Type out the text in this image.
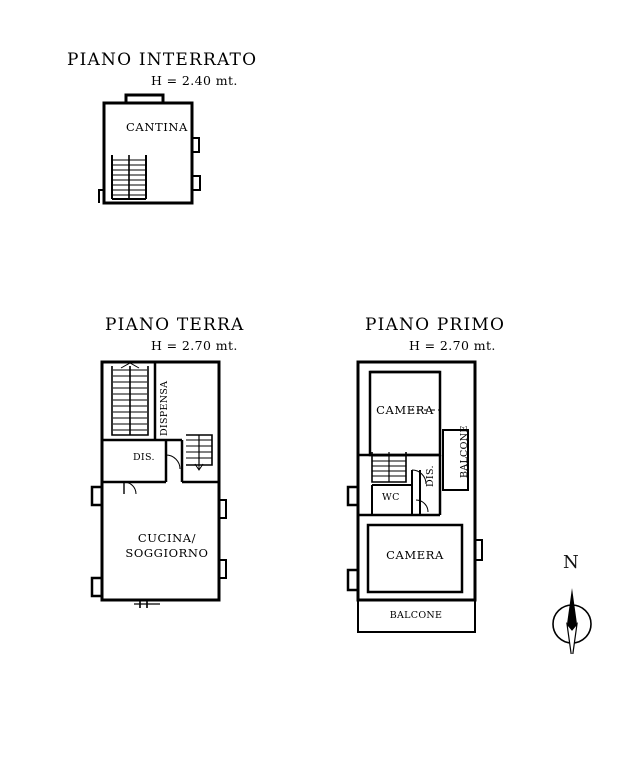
PIANO INTERRATO
H = 2.40 mt.
CANTINA
PIANO TERRA
H = 2.70 mt.
DISPENSA
DIS.
CUCINA/
SOGGIORNO
PIANO PRIMO
H = 2.70 mt.
CAMERA
BALCONE
WC
DIS.
CAMERA
BALCONE
N
